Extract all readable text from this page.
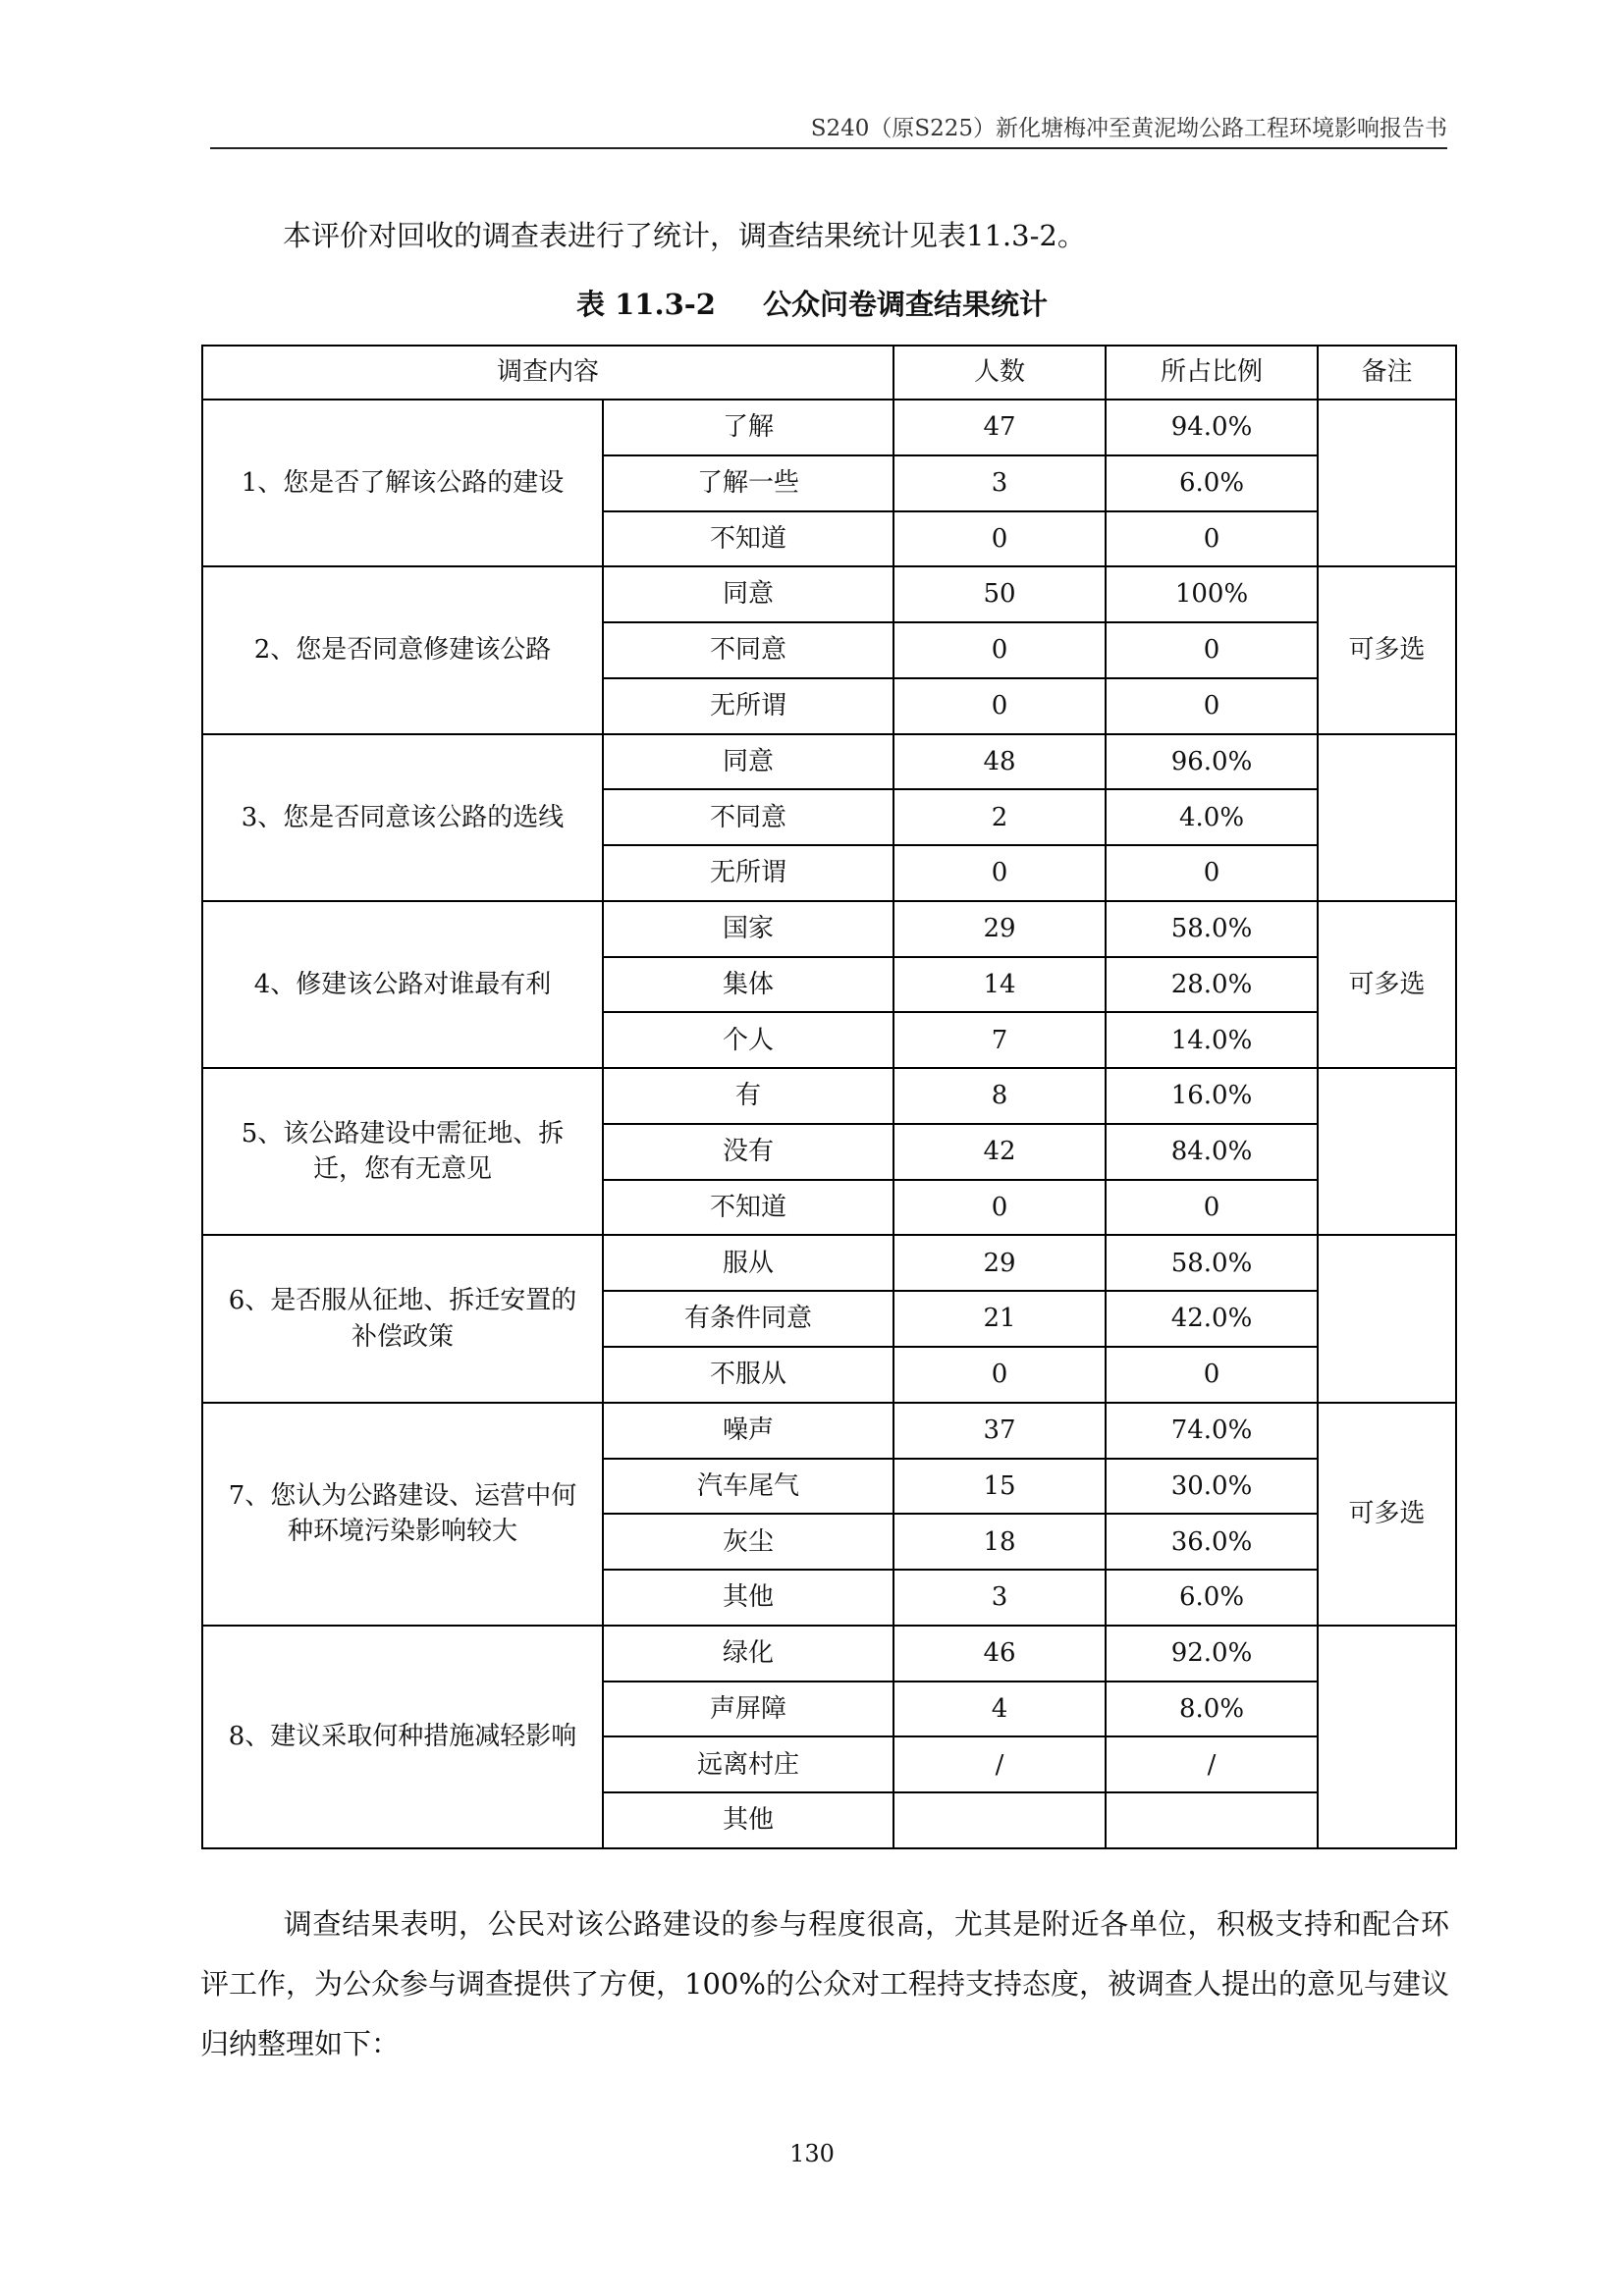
S240（原S225）新化塘梅冲至黄泥坳公路工程环境影响报告书

本评价对回收的调查表进行了统计，调查结果统计见表11.3-2。

表 11.3-2 公众问卷调查结果统计
调查内容		人数	所占比例	备注
1、您是否了解该公路的建设	了解	47	94.0%	
	了解一些	3	6.0%	
	不知道	0	0	
2、您是否同意修建该公路	同意	50	100%	可多选
	不同意	0	0	
	无所谓	0	0	
3、您是否同意该公路的选线	同意	48	96.0%	
	不同意	2	4.0%	
	无所谓	0	0	
4、修建该公路对谁最有利	国家	29	58.0%	可多选
	集体	14	28.0%	
	个人	7	14.0%	
5、该公路建设中需征地、拆迁，您有无意见	有	8	16.0%	
	没有	42	84.0%	
	不知道	0	0	
6、是否服从征地、拆迁安置的补偿政策	服从	29	58.0%	
	有条件同意	21	42.0%	
	不服从	0	0	
7、您认为公路建设、运营中何种环境污染影响较大	噪声	37	74.0%	可多选
	汽车尾气	15	30.0%	
	灰尘	18	36.0%	
	其他	3	6.0%	
8、建议采取何种措施减轻影响	绿化	46	92.0%	
	声屏障	4	8.0%	
	远离村庄	/	/	
	其他			

调查结果表明，公民对该公路建设的参与程度很高，尤其是附近各单位，积极支持和配合环评工作，为公众参与调查提供了方便，100%的公众对工程持支持态度，被调查人提出的意见与建议归纳整理如下：

130
